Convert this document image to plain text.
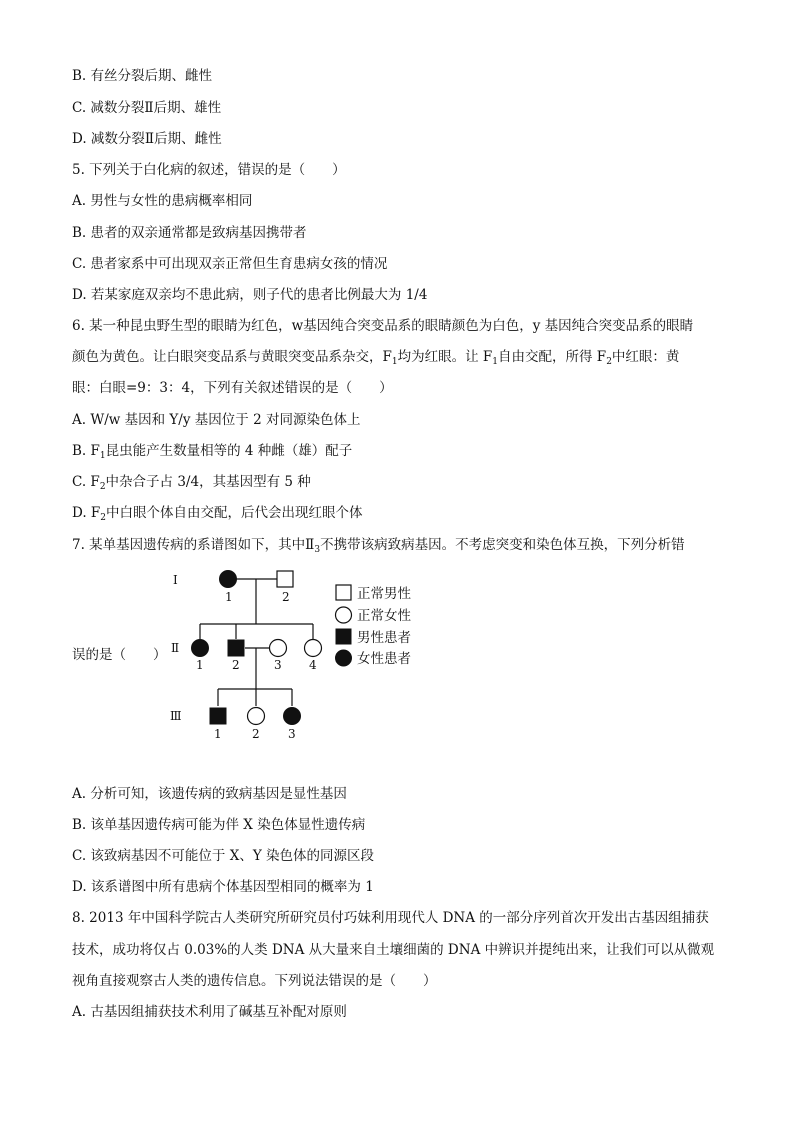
B. 有丝分裂后期、雌性
C. 减数分裂Ⅱ后期、雄性
D. 减数分裂Ⅱ后期、雌性
5. 下列关于白化病的叙述，错误的是（　　）
A. 男性与女性的患病概率相同
B. 患者的双亲通常都是致病基因携带者
C. 患者家系中可出现双亲正常但生育患病女孩的情况
D. 若某家庭双亲均不患此病，则子代的患者比例最大为 1/4
6. 某一种昆虫野生型的眼睛为红色，w基因纯合突变品系的眼睛颜色为白色，y 基因纯合突变品系的眼睛
颜色为黄色。让白眼突变品系与黄眼突变品系杂交，$F_1$均为红眼。让 $F_1$自由交配，所得 $F_2$中红眼：黄
眼：白眼=9：3：4，下列有关叙述错误的是（　　）
A. W/w 基因和 Y/y 基因位于 2 对同源染色体上
B. $F_1$昆虫能产生数量相等的 4 种雌（雄）配子
C. $F_2$中杂合子占 3/4，其基因型有 5 种
D. $F_2$中白眼个体自由交配，后代会出现红眼个体
7. 某单基因遗传病的系谱图如下，其中$Ⅱ_3$不携带该病致病基因。不考虑突变和染色体互换，下列分析错
误的是（　　）
Ⅰ
Ⅱ
Ⅲ
1	2
1 2	3 4
1	2 3
正常男性
正常女性
男性患者
女性患者
A. 分析可知，该遗传病的致病基因是显性基因
B. 该单基因遗传病可能为伴 X 染色体显性遗传病
C. 该致病基因不可能位于 X、Y 染色体的同源区段
D. 该系谱图中所有患病个体基因型相同的概率为 1
8. 2013 年中国科学院古人类研究所研究员付巧妹利用现代人 DNA 的一部分序列首次开发出古基因组捕获
技术，成功将仅占 0.03%的人类 DNA 从大量来自土壤细菌的 DNA 中辨识并提纯出来，让我们可以从微观
视角直接观察古人类的遗传信息。下列说法错误的是（　　）
A. 古基因组捕获技术利用了碱基互补配对原则
